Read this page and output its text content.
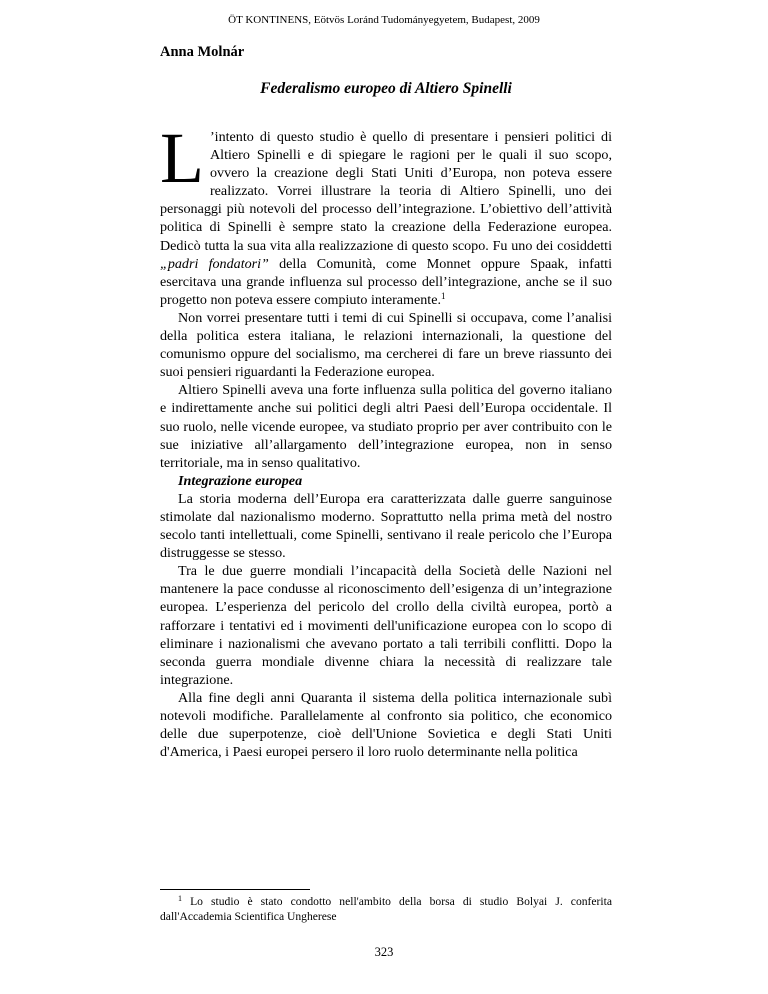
ÖT KONTINENS, Eötvös Loránd Tudományegyetem, Budapest, 2009
Anna Molnár
Federalismo europeo di Altiero Spinelli

L ’intento di questo studio è quello di presentare i pensieri politici di Altiero Spinelli e di spiegare le ragioni per le quali il suo scopo, ovvero la creazione degli Stati Uniti d’Europa, non poteva essere realizzato. Vorrei illustrare la teoria di Altiero Spinelli, uno dei personaggi più notevoli del processo dell’integrazione. L’obiettivo dell’attività politica di Spinelli è sempre stato la creazione della Federazione europea. Dedicò tutta la sua vita alla realizzazione di questo scopo. Fu uno dei cosiddetti „padri fondatori” della Comunità, come Monnet oppure Spaak, infatti esercitava una grande influenza sul processo dell’integrazione, anche se il suo progetto non poteva essere compiuto interamente.$^1$

Non vorrei presentare tutti i temi di cui Spinelli si occupava, come l’analisi della politica estera italiana, le relazioni internazionali, la questione del comunismo oppure del socialismo, ma cercherei di fare un breve riassunto dei suoi pensieri riguardanti la Federazione europea.

Altiero Spinelli aveva una forte influenza sulla politica del governo italiano e indirettamente anche sui politici degli altri Paesi dell’Europa occidentale. Il suo ruolo, nelle vicende europee, va studiato proprio per aver contribuito con le sue iniziative all’allargamento dell’integrazione europea, non in senso territoriale, ma in senso qualitativo.

Integrazione europea

La storia moderna dell’Europa era caratterizzata dalle guerre sanguinose stimolate dal nazionalismo moderno. Soprattutto nella prima metà del nostro secolo tanti intellettuali, come Spinelli, sentivano il reale pericolo che l’Europa distruggesse se stesso.

Tra le due guerre mondiali l’incapacità della Società delle Nazioni nel mantenere la pace condusse al riconoscimento dell’esigenza di un’integrazione europea. L’esperienza del pericolo del crollo della civiltà europea, portò a rafforzare i tentativi ed i movimenti dell'unificazione europea con lo scopo di eliminare i nazionalismi che avevano portato a tali terribili conflitti. Dopo la seconda guerra mondiale divenne chiara la necessità di realizzare tale integrazione.

Alla fine degli anni Quaranta il sistema della politica internazionale subì notevoli modifiche. Parallelamente al confronto sia politico, che economico delle due superpotenze, cioè dell'Unione Sovietica e degli Stati Uniti d'America, i Paesi europei persero il loro ruolo determinante nella politica

$^1$ Lo studio è stato condotto nell'ambito della borsa di studio Bolyai J. conferita dall'Accademia Scientifica Ungherese
323
